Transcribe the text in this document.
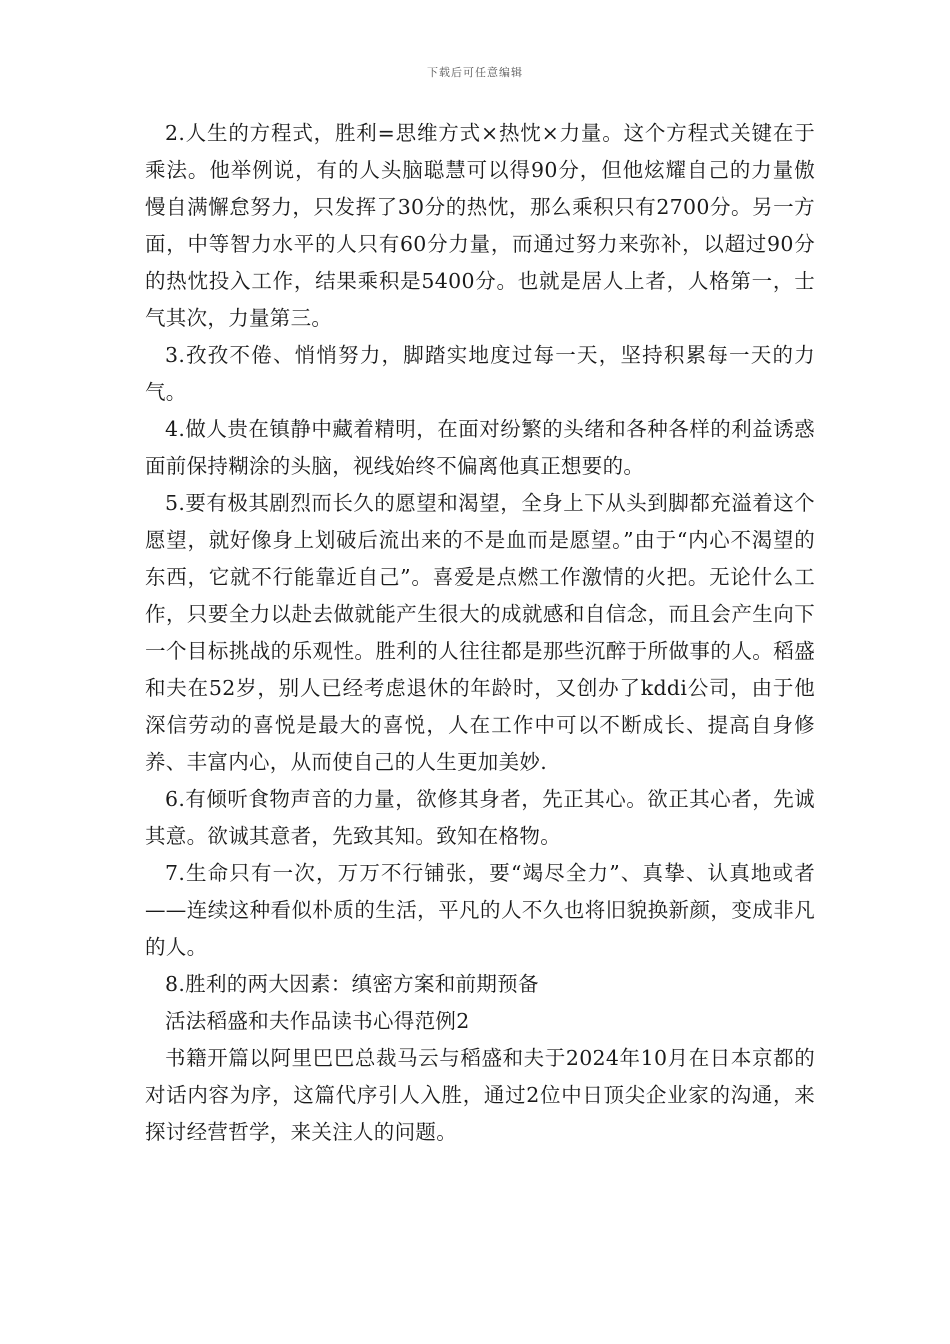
下载后可任意编辑

2.人生的方程式，胜利=思维方式×热忱×力量。这个方程式关键在于乘法。他举例说，有的人头脑聪慧可以得90分，但他炫耀自己的力量傲慢自满懈怠努力，只发挥了30分的热忱，那么乘积只有2700分。另一方面，中等智力水平的人只有60分力量，而通过努力来弥补，以超过90分的热忱投入工作，结果乘积是5400分。也就是居人上者，人格第一，士气其次，力量第三。

3.孜孜不倦、悄悄努力，脚踏实地度过每一天，坚持积累每一天的力气。

4.做人贵在镇静中藏着精明，在面对纷繁的头绪和各种各样的利益诱惑面前保持糊涂的头脑，视线始终不偏离他真正想要的。

5.要有极其剧烈而长久的愿望和渴望，全身上下从头到脚都充溢着这个愿望，就好像身上划破后流出来的不是血而是愿望。”由于“内心不渴望的东西，它就不行能靠近自己”。喜爱是点燃工作激情的火把。无论什么工作，只要全力以赴去做就能产生很大的成就感和自信念，而且会产生向下一个目标挑战的乐观性。胜利的人往往都是那些沉醉于所做事的人。稻盛和夫在52岁，别人已经考虑退休的年龄时，又创办了kddi公司，由于他深信劳动的喜悦是最大的喜悦，人在工作中可以不断成长、提高自身修养、丰富内心，从而使自己的人生更加美妙.

6.有倾听食物声音的力量，欲修其身者，先正其心。欲正其心者，先诚其意。欲诚其意者，先致其知。致知在格物。

7.生命只有一次，万万不行铺张，要“竭尽全力”、真挚、认真地或者——连续这种看似朴质的生活，平凡的人不久也将旧貌换新颜，变成非凡的人。

8.胜利的两大因素：缜密方案和前期预备

活法稻盛和夫作品读书心得范例2

书籍开篇以阿里巴巴总裁马云与稻盛和夫于2024年10月在日本京都的对话内容为序，这篇代序引人入胜，通过2位中日顶尖企业家的沟通，来探讨经营哲学，来关注人的问题。
